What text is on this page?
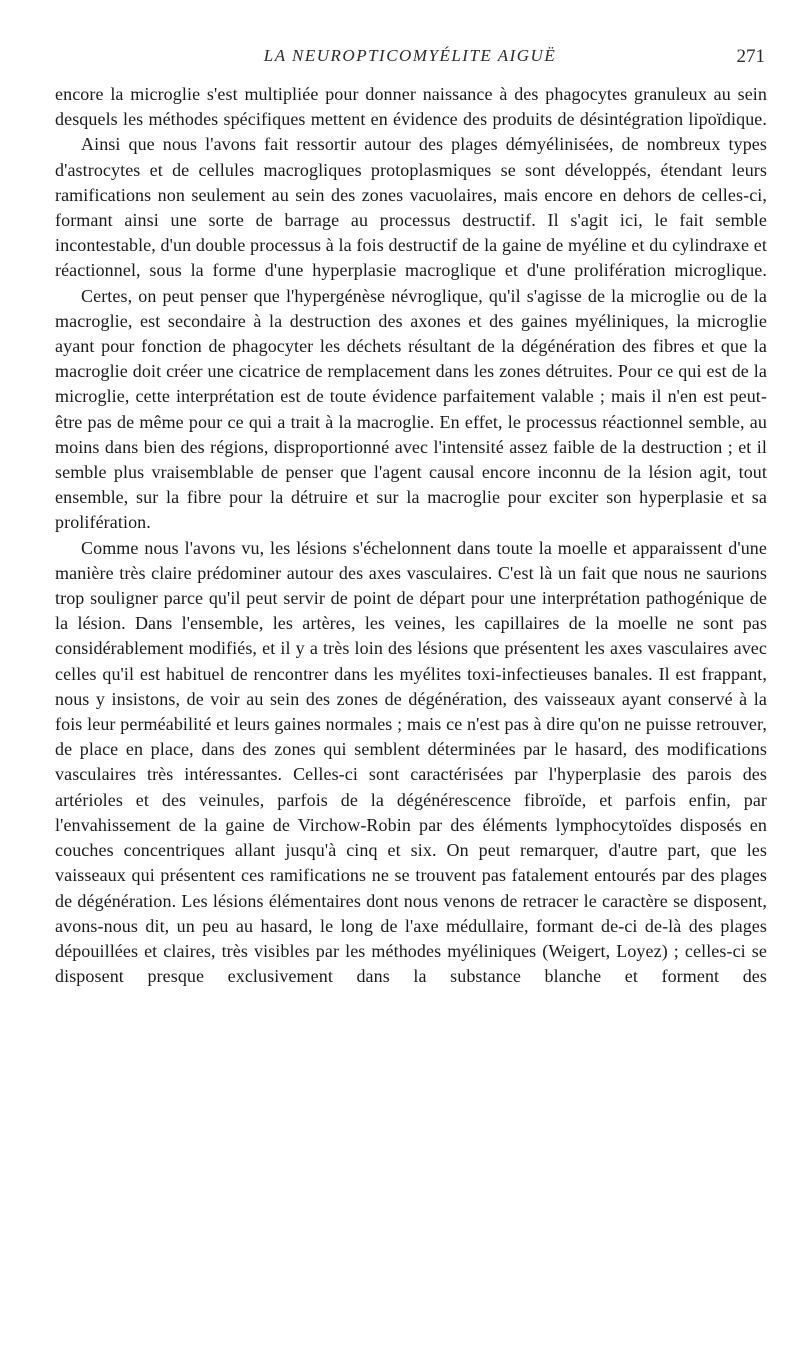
LA NEUROPTICOMYÉLITE AIGUË	271

encore la microglie s'est multipliée pour donner naissance à des phagocytes granuleux au sein desquels les méthodes spécifiques mettent en évidence des produits de désintégration lipoïdique.

Ainsi que nous l'avons fait ressortir autour des plages démyélinisées, de nombreux types d'astrocytes et de cellules macrogliques protoplasmiques se sont développés, étendant leurs ramifications non seulement au sein des zones vacuolaires, mais encore en dehors de celles-ci, formant ainsi une sorte de barrage au processus destructif. Il s'agit ici, le fait semble incontestable, d'un double processus à la fois destructif de la gaine de myéline et du cylindraxe et réactionnel, sous la forme d'une hyperplasie macroglique et d'une prolifération microglique.

Certes, on peut penser que l'hypergénèse névroglique, qu'il s'agisse de la microglie ou de la macroglie, est secondaire à la destruction des axones et des gaines myéliniques, la microglie ayant pour fonction de phagocyter les déchets résultant de la dégénération des fibres et que la macroglie doit créer une cicatrice de remplacement dans les zones détruites. Pour ce qui est de la microglie, cette interprétation est de toute évidence parfaitement valable ; mais il n'en est peut-être pas de même pour ce qui a trait à la macroglie. En effet, le processus réactionnel semble, au moins dans bien des régions, disproportionné avec l'intensité assez faible de la destruction ; et il semble plus vraisemblable de penser que l'agent causal encore inconnu de la lésion agit, tout ensemble, sur la fibre pour la détruire et sur la macroglie pour exciter son hyperplasie et sa prolifération.

Comme nous l'avons vu, les lésions s'échelonnent dans toute la moelle et apparaissent d'une manière très claire prédominer autour des axes vasculaires. C'est là un fait que nous ne saurions trop souligner parce qu'il peut servir de point de départ pour une interprétation pathogénique de la lésion. Dans l'ensemble, les artères, les veines, les capillaires de la moelle ne sont pas considérablement modifiés, et il y a très loin des lésions que présentent les axes vasculaires avec celles qu'il est habituel de rencontrer dans les myélites toxi-infectieuses banales. Il est frappant, nous y insistons, de voir au sein des zones de dégénération, des vaisseaux ayant conservé à la fois leur perméabilité et leurs gaines normales ; mais ce n'est pas à dire qu'on ne puisse retrouver, de place en place, dans des zones qui semblent déterminées par le hasard, des modifications vasculaires très intéressantes. Celles-ci sont caractérisées par l'hyperplasie des parois des artérioles et des veinules, parfois de la dégénérescence fibroïde, et parfois enfin, par l'envahissement de la gaine de Virchow-Robin par des éléments lymphocytoïdes disposés en couches concentriques allant jusqu'à cinq et six. On peut remarquer, d'autre part, que les vaisseaux qui présentent ces ramifications ne se trouvent pas fatalement entourés par des plages de dégénération. Les lésions élémentaires dont nous venons de retracer le caractère se disposent, avons-nous dit, un peu au hasard, le long de l'axe médullaire, formant de-ci de-là des plages dépouillées et claires, très visibles par les méthodes myéliniques (Weigert, Loyez) ; celles-ci se disposent presque exclusivement dans la substance blanche et forment des
